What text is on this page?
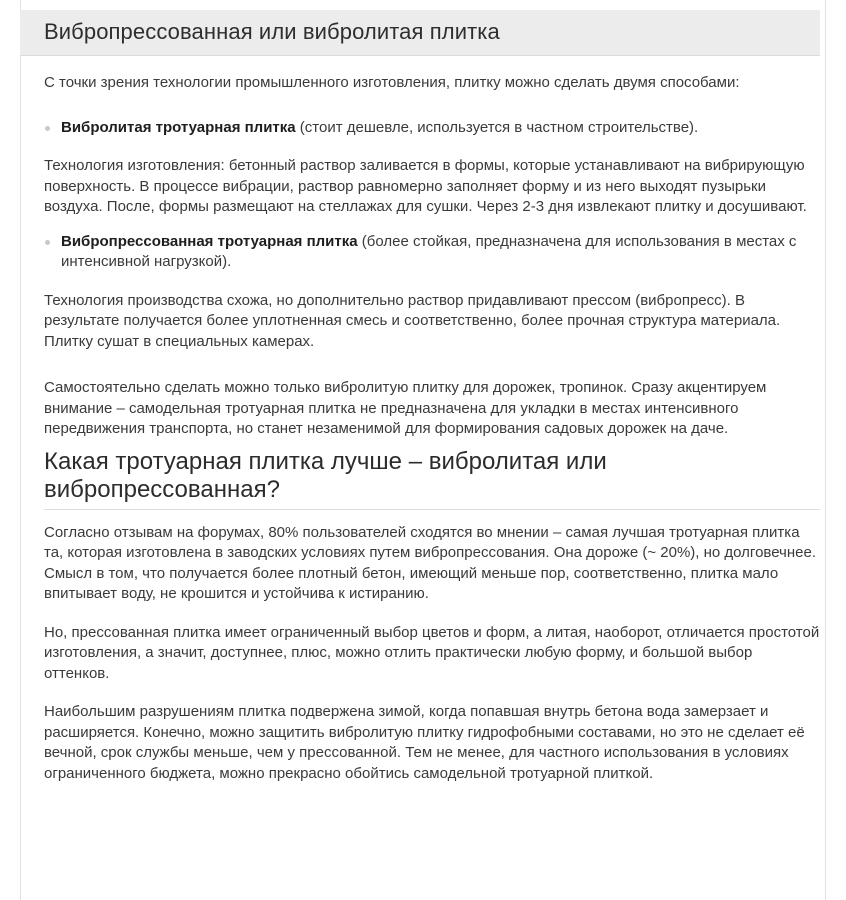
Вибропрессованная или вибролитая плитка

С точки зрения технологии промышленного изготовления, плитку можно сделать двумя способами:

Вибролитая тротуарная плитка (стоит дешевле, используется в частном строительстве).

Технология изготовления: бетонный раствор заливается в формы, которые устанавливают на вибрирующую поверхность. В процессе вибрации, раствор равномерно заполняет форму и из него выходят пузырьки воздуха. После, формы размещают на стеллажах для сушки. Через 2-3 дня извлекают плитку и досушивают.

Вибропрессованная тротуарная плитка (более стойкая, предназначена для использования в местах с интенсивной нагрузкой).

Технология производства схожа, но дополнительно раствор придавливают прессом (вибропресс). В результате получается более уплотненная смесь и соответственно, более прочная структура материала. Плитку сушат в специальных камерах.

Самостоятельно сделать можно только вибролитую плитку для дорожек, тропинок. Сразу акцентируем внимание – самодельная тротуарная плитка не предназначена для укладки в местах интенсивного передвижения транспорта, но станет незаменимой для формирования садовых дорожек на даче.

Какая тротуарная плитка лучше – вибролитая или вибропрессованная?

Согласно отзывам на форумах, 80% пользователей сходятся во мнении – самая лучшая тротуарная плитка та, которая изготовлена в заводских условиях путем вибропрессования. Она дороже (~ 20%), но долговечнее. Смысл в том, что получается более плотный бетон, имеющий меньше пор, соответственно, плитка мало впитывает воду, не крошится и устойчива к истиранию.

Но, прессованная плитка имеет ограниченный выбор цветов и форм, а литая, наоборот, отличается простотой изготовления, а значит, доступнее, плюс, можно отлить практически любую форму, и большой выбор оттенков.

Наибольшим разрушениям плитка подвержена зимой, когда попавшая внутрь бетона вода замерзает и расширяется. Конечно, можно защитить вибролитую плитку гидрофобными составами, но это не сделает её вечной, срок службы меньше, чем у прессованной. Тем не менее, для частного использования в условиях ограниченного бюджета, можно прекрасно обойтись самодельной тротуарной плиткой.
